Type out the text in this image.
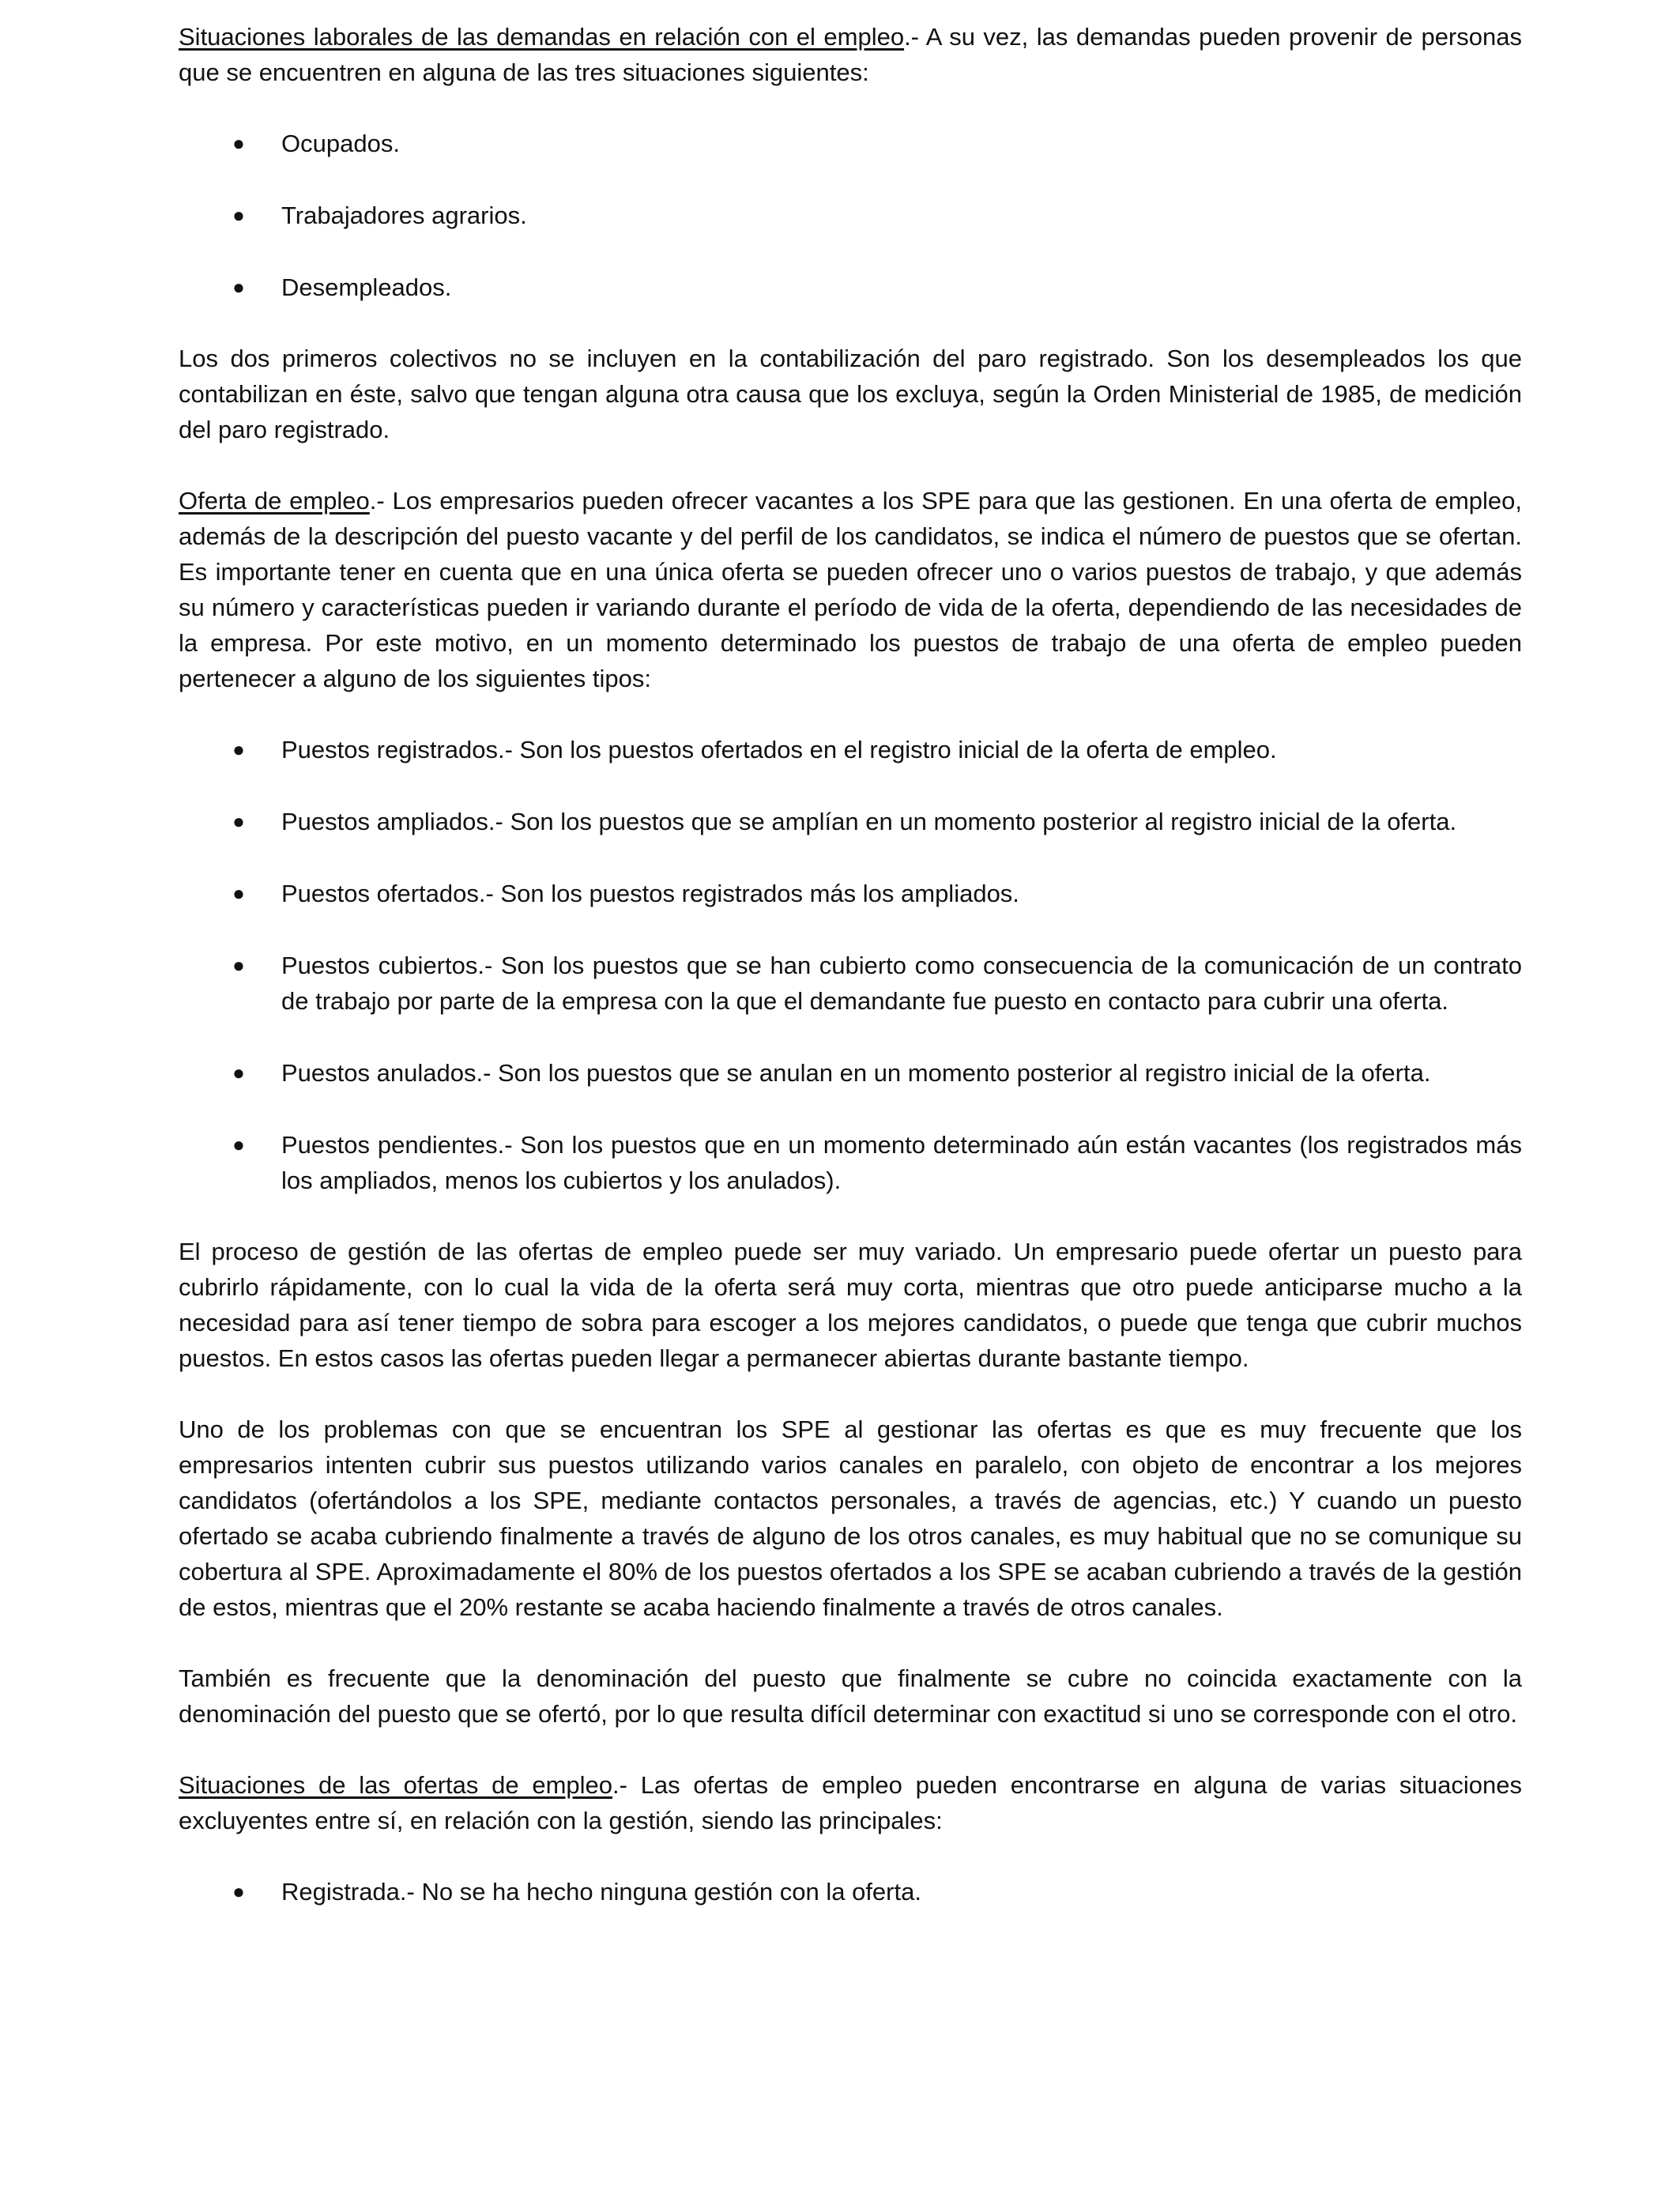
Situaciones laborales de las demandas en relación con el empleo.- A su vez, las demandas pueden provenir de personas que se encuentren en alguna de las tres situaciones siguientes:

● Ocupados.
● Trabajadores agrarios.
● Desempleados.

Los dos primeros colectivos no se incluyen en la contabilización del paro registrado. Son los desempleados los que contabilizan en éste, salvo que tengan alguna otra causa que los excluya, según la Orden Ministerial de 1985, de medición del paro registrado.

Oferta de empleo.- Los empresarios pueden ofrecer vacantes a los SPE para que las gestionen. En una oferta de empleo, además de la descripción del puesto vacante y del perfil de los candidatos, se indica el número de puestos que se ofertan. Es importante tener en cuenta que en una única oferta se pueden ofrecer uno o varios puestos de trabajo, y que además su número y características pueden ir variando durante el período de vida de la oferta, dependiendo de las necesidades de la empresa. Por este motivo, en un momento determinado los puestos de trabajo de una oferta de empleo pueden pertenecer a alguno de los siguientes tipos:

● Puestos registrados.- Son los puestos ofertados en el registro inicial de la oferta de empleo.
● Puestos ampliados.- Son los puestos que se amplían en un momento posterior al registro inicial de la oferta.
● Puestos ofertados.- Son los puestos registrados más los ampliados.
● Puestos cubiertos.- Son los puestos que se han cubierto como consecuencia de la comunicación de un contrato de trabajo por parte de la empresa con la que el demandante fue puesto en contacto para cubrir una oferta.
● Puestos anulados.- Son los puestos que se anulan en un momento posterior al registro inicial de la oferta.
● Puestos pendientes.- Son los puestos que en un momento determinado aún están vacantes (los registrados más los ampliados, menos los cubiertos y los anulados).

El proceso de gestión de las ofertas de empleo puede ser muy variado. Un empresario puede ofertar un puesto para cubrirlo rápidamente, con lo cual la vida de la oferta será muy corta, mientras que otro puede anticiparse mucho a la necesidad para así tener tiempo de sobra para escoger a los mejores candidatos, o puede que tenga que cubrir muchos puestos. En estos casos las ofertas pueden llegar a permanecer abiertas durante bastante tiempo.

Uno de los problemas con que se encuentran los SPE al gestionar las ofertas es que es muy frecuente que los empresarios intenten cubrir sus puestos utilizando varios canales en paralelo, con objeto de encontrar a los mejores candidatos (ofertándolos a los SPE, mediante contactos personales, a través de agencias, etc.) Y cuando un puesto ofertado se acaba cubriendo finalmente a través de alguno de los otros canales, es muy habitual que no se comunique su cobertura al SPE. Aproximadamente el 80% de los puestos ofertados a los SPE se acaban cubriendo a través de la gestión de estos, mientras que el 20% restante se acaba haciendo finalmente a través de otros canales.

También es frecuente que la denominación del puesto que finalmente se cubre no coincida exactamente con la denominación del puesto que se ofertó, por lo que resulta difícil determinar con exactitud si uno se corresponde con el otro.

Situaciones de las ofertas de empleo.- Las ofertas de empleo pueden encontrarse en alguna de varias situaciones excluyentes entre sí, en relación con la gestión, siendo las principales:

● Registrada.- No se ha hecho ninguna gestión con la oferta.
